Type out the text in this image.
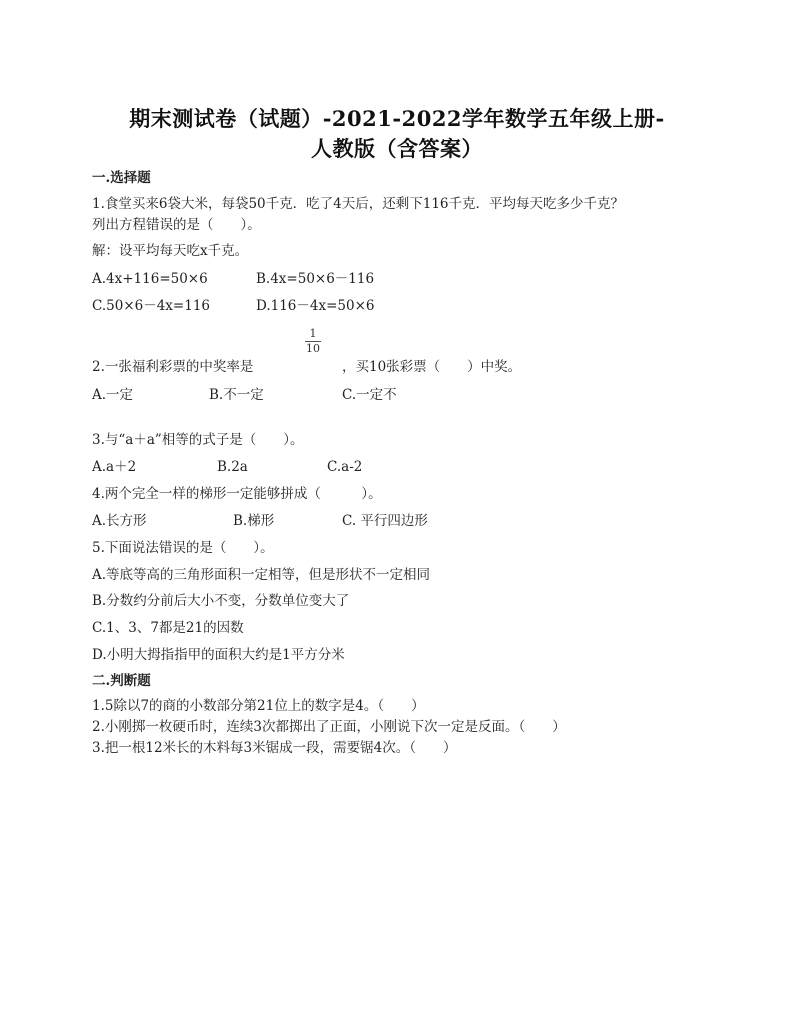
期末测试卷（试题）-2021-2022学年数学五年级上册-
人教版（含答案）
一.选择题
1.食堂买来6袋大米，每袋50千克．吃了4天后，还剩下116千克．平均每天吃多少千克？
列出方程错误的是（　　）。
解：设平均每天吃x千克。
A.4x+116=50×6	B.4x=50×6－116
C.50×6－4x=116	D.116－4x=50×6
1
10
2.一张福利彩票的中奖率是	，买10张彩票（　　）中奖。
A.一定	B.不一定	C.一定不
3.与“a＋a”相等的式子是（　　）。
A.a＋2	B.2a	C.a-2
4.两个完全一样的梯形一定能够拼成（　　　）。
A.长方形	B.梯形	C. 平行四边形
5.下面说法错误的是（　　）。
A.等底等高的三角形面积一定相等，但是形状不一定相同
B.分数约分前后大小不变，分数单位变大了
C.1、3、7都是21的因数
D.小明大拇指指甲的面积大约是1平方分米
二.判断题
1.5除以7的商的小数部分第21位上的数字是4。（　　）
2.小刚掷一枚硬币时，连续3次都掷出了正面，小刚说下次一定是反面。（　　）
3.把一根12米长的木料每3米锯成一段，需要锯4次。（　　）
